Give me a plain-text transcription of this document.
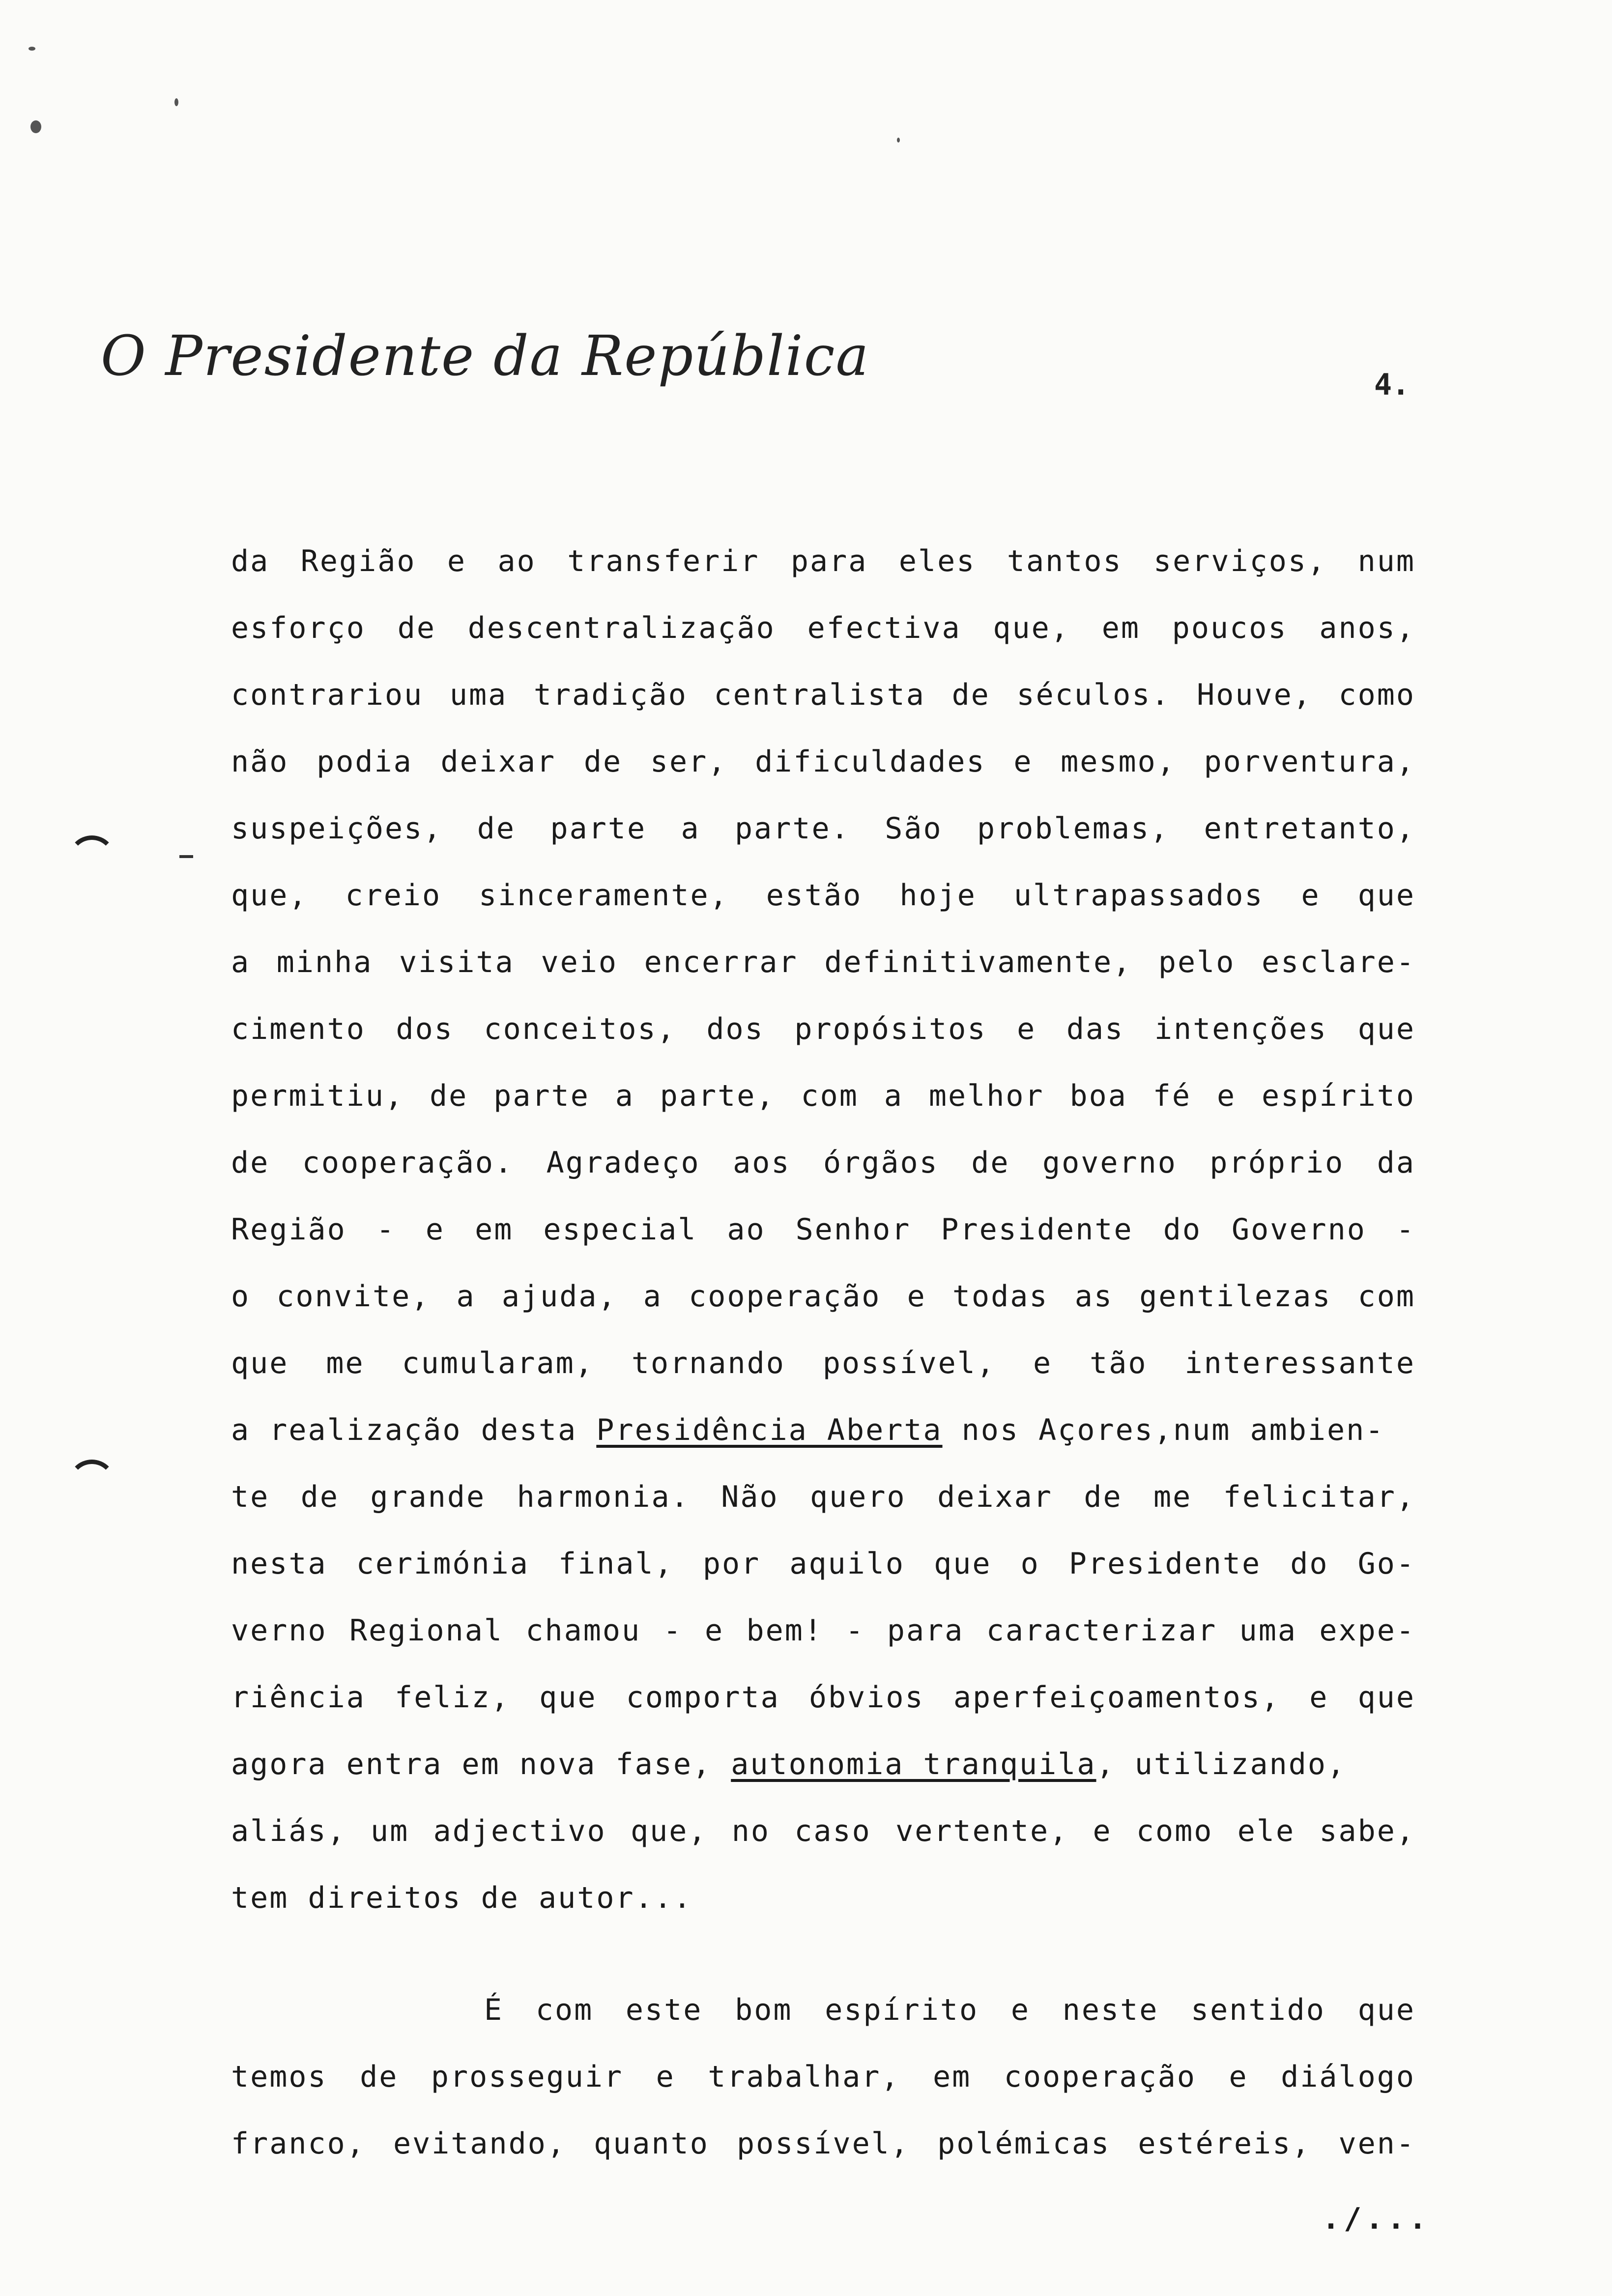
O Presidente da República	4.
da Região e ao transferir para eles tantos serviços, num
esforço de descentralização efectiva que, em poucos anos,
contrariou uma tradição centralista de séculos. Houve, como
não podia deixar de ser, dificuldades e mesmo, porventura,
suspeições, de parte a parte. São problemas, entretanto,
que, creio sinceramente, estão hoje ultrapassados e que
a minha visita veio encerrar definitivamente, pelo esclare-
cimento dos conceitos, dos propósitos e das intenções que
permitiu, de parte a parte, com a melhor boa fé e espírito
de cooperação. Agradeço aos órgãos de governo próprio da
Região - e em especial ao Senhor Presidente do Governo -
o convite, a ajuda, a cooperação e todas as gentilezas com
que me cumularam, tornando possível, e tão interessante
a realização desta Presidência Aberta nos Açores,num ambien-
te de grande harmonia. Não quero deixar de me felicitar,
nesta cerimónia final, por aquilo que o Presidente do Go-
verno Regional chamou - e bem! - para caracterizar uma expe-
riência feliz, que comporta óbvios aperfeiçoamentos, e que
agora entra em nova fase, autonomia tranquila, utilizando,
aliás, um adjectivo que, no caso vertente, e como ele sabe,
tem direitos de autor...
É com este bom espírito e neste sentido que
temos de prosseguir e trabalhar, em cooperação e diálogo
franco, evitando, quanto possível, polémicas estéreis, ven-
./...
